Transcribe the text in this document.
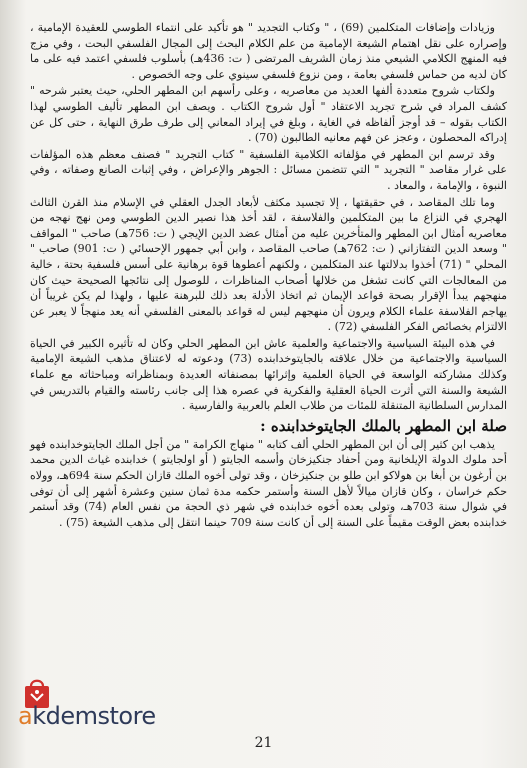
وزيادات وإضافات المتكلمين (69) ، " وكتاب التجديد " هو تأكيد على انتماء الطوسي للعقيدة الإمامية ، وإصراره على نقل اهتمام الشيعة الإمامية من علم الكلام البحث إلى المجال الفلسفي البحت ، وفي مزج فيه المنهج الكلامي الشيعي منذ زمان الشريف المرتضى ( ت: 436هـ) بأسلوب فلسفي اعتمد فيه على ما كان لديه من حماس فلسفي بعامة ، ومن نزوع فلسفي سينوي على وجه الخصوص .

ولكتاب شروح متعددة ألفها العديد من معاصريه ، وعلى رأسهم ابن المطهر الحلي، حيث يعتبر شرحه " كشف المراد في شرح تجريد الاعتقاد " أول شروح الكتاب . ويصف ابن المطهر تأليف الطوسي لهذا الكتاب بقوله – قد أوجز ألفاظه في الغاية ، وبلغ في إيراد المعاني إلى طرف طرق النهاية ، حتى كل عن إدراكه المحصلون ، وعجز عن فهم معانيه الطالبون (70) .

وقد ترسم ابن المطهر في مؤلفاته الكلامية الفلسفية " كتاب التجريد " فصنف معظم هذه المؤلفات على غرار مقاصد " التجريد " التي تتضمن مسائل : الجوهر والإعراض ، وفي إثبات الصانع وصفاته ، وفي النبوة ، والإمامة ، والمعاد .

وما تلك المقاصد ، في حقيقتها ، إلا تجسيد مكثف لأبعاد الجدل العقلي في الإسلام منذ القرن الثالث الهجري في النزاع ما بين المتكلمين والفلاسفة ، لقد أخذ هذا نصير الدين الطوسي ومن نهج نهجه من معاصريه أمثال ابن المطهر والمتأخرين عليه من أمثال عضد الدين الإيجي ( ت: 756هـ) صاحب " المواقف " وسعد الدين التفتازاني ( ت: 762هـ) صاحب المقاصد ، وابن أبي جمهور الإحسائي ( ت: 901) صاحب " المحلي " (71) أخذوا بدلالتها عند المتكلمين ، ولكنهم أعطوها قوة برهانية على أسس فلسفية بحتة ، خالية من المعالجات التي كانت تشغل من خلالها أصحاب المناظرات ، للوصول إلى نتائجها الصحيحة حيث كان منهجهم يبدأ الإقرار بصحة قواعد الإيمان ثم اتخاذ الأدلة بعد ذلك للبرهنة عليها ، ولهذا لم يكن غريباً أن يهاجم الفلاسفة علماء الكلام ويرون أن منهجهم ليس له قواعد بالمعنى الفلسفي أنه يعد منهجاً لا يعبر عن الالتزام بخصائص الفكر الفلسفي (72) .

في هذه البيئة السياسية والاجتماعية والعلمية عاش ابن المطهر الحلي وكان له تأثيره الكبير في الحياة السياسية والاجتماعية من خلال علاقته بالجايتوخدابنده (73) ودعوته له لاعتناق مذهب الشيعة الإمامية وكذلك مشاركته الواسعة في الحياة العلمية وإثرائها بمصنفاته العديدة وبمناظراته ومباحثاته مع علماء الشيعة والسنة التي أثرت الحياة العقلية والفكرية في عصره هذا إلى جانب رئاسته والقيام بالتدريس في المدارس السلطانية المتنقلة للمئات من طلاب العلم بالعربية والفارسية .

صلة ابن المطهر بالملك الجايتوخدابنده :

يذهب ابن كثير إلى أن ابن المطهر الحلي ألف كتابه " منهاج الكرامة " من أجل الملك الجايتوخدابنده فهو أحد ملوك الدولة الإيلخانية ومن أحفاد جنكيزخان وأسمه الجايتو ( أو اولجايتو ) خدابنده غياث الدين محمد بن أرغون بن أبغا بن هولاكو ابن طلو بن جنكيزخان ، وقد تولى أخوه الملك قازان الحكم سنة 694هـ، وولاه حكم خراسان ، وكان قازان ميالاً لأهل السنة وأستمر حكمه مدة ثمان سنين وعشرة أشهر إلى أن توفى في شوال سنة 703هـ، وتولى بعده أخوه خدابنده في شهر ذي الحجة من نفس العام (74) وقد أستمر خدابنده بعض الوقت مقيماً على السنة إلى أن كانت سنة 709 حينما انتقل إلى مذهب الشيعة (75) .

akdemstore
21
